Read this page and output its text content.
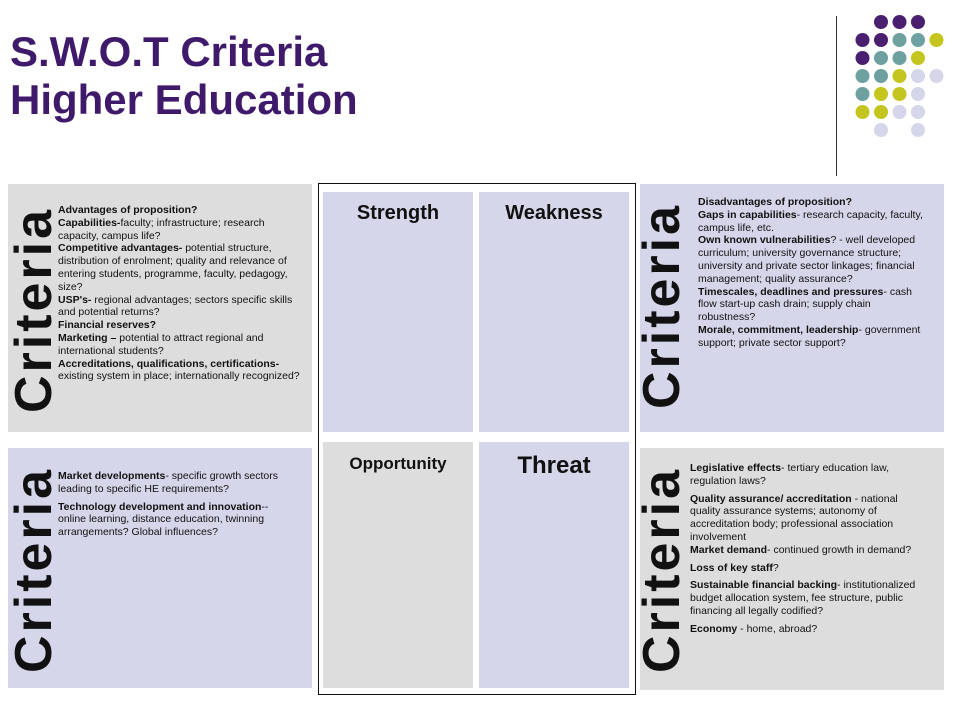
S.W.O.T Criteria
Higher Education
Criteria

Advantages of proposition?

Capabilities-faculty; infrastructure; research capacity, campus life?

Competitive advantages- potential structure, distribution of enrolment; quality and relevance of entering students, programme, faculty, pedagogy, size?

USP's- regional advantages; sectors specific skills and potential returns?

Financial reserves?

Marketing – potential to attract regional and international students?

Accreditations, qualifications, certifications- existing system in place; internationally recognized?

Criteria

Market developments- specific growth sectors leading to specific HE requirements?

Technology development and innovation--online learning, distance education, twinning arrangements? Global influences?

Strength	Weakness
Opportunity	Threat
Criteria

Disadvantages of proposition?

Gaps in capabilities- research capacity, faculty, campus life, etc.

Own known vulnerabilities? - well developed curriculum; university governance structure; university and private sector linkages; financial management; quality assurance?

Timescales, deadlines and pressures- cash flow start-up cash drain; supply chain robustness?

Morale, commitment, leadership- government support; private sector support?

Criteria Legislative effects- tertiary education law, regulation laws?

Quality assurance/ accreditation - national quality assurance systems; autonomy of accreditation body; professional association involvement

Market demand- continued growth in demand?

Loss of key staff?

Sustainable financial backing- institutionalized budget allocation system, fee structure, public financing all legally codified?

Economy - home, abroad?
